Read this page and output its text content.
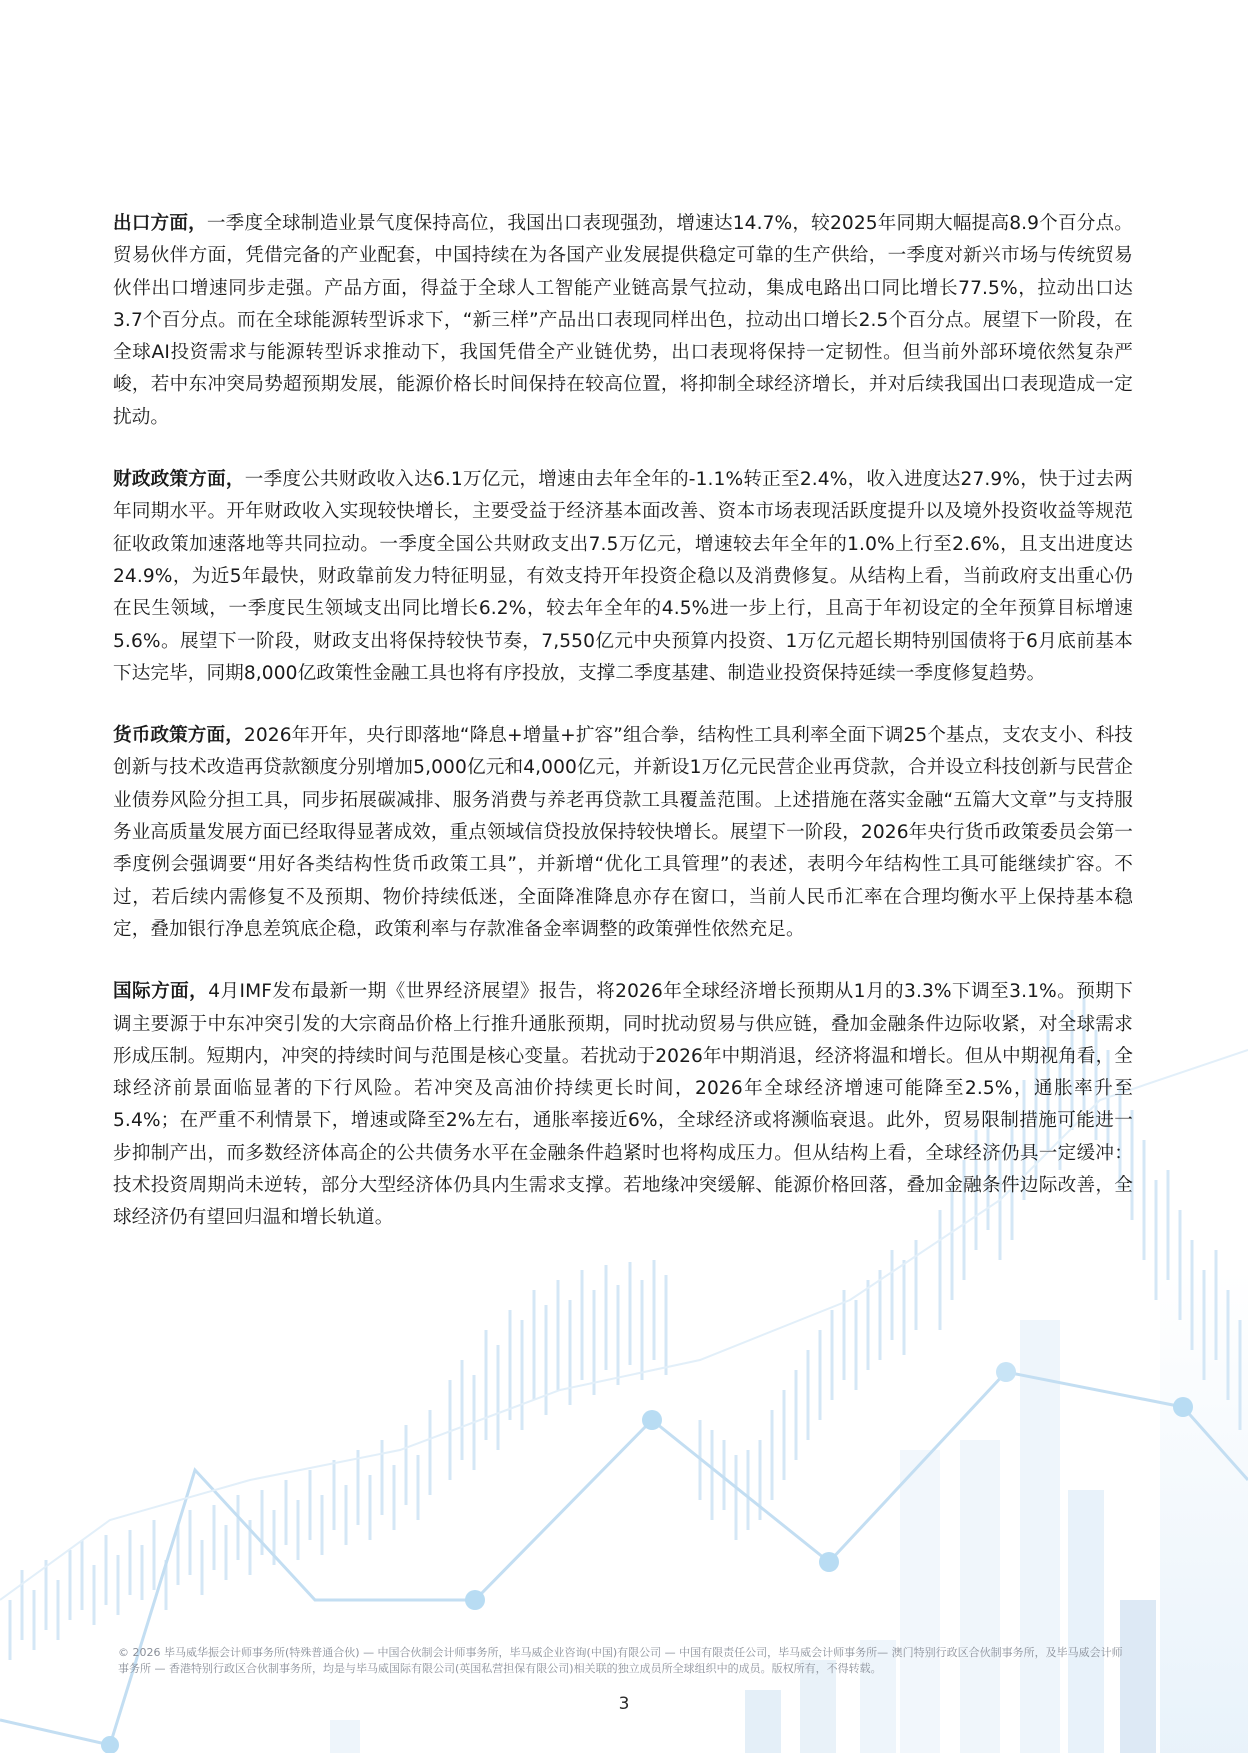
出口方面，一季度全球制造业景气度保持高位，我国出口表现强劲，增速达14.7%，较2025年同期大幅提高8.9个百分点。贸易伙伴方面，凭借完备的产业配套，中国持续在为各国产业发展提供稳定可靠的生产供给，一季度对新兴市场与传统贸易伙伴出口增速同步走强。产品方面，得益于全球人工智能产业链高景气拉动，集成电路出口同比增长77.5%，拉动出口达3.7个百分点。而在全球能源转型诉求下，“新三样”产品出口表现同样出色，拉动出口增长2.5个百分点。展望下一阶段，在全球AI投资需求与能源转型诉求推动下，我国凭借全产业链优势，出口表现将保持一定韧性。但当前外部环境依然复杂严峻，若中东冲突局势超预期发展，能源价格长时间保持在较高位置，将抑制全球经济增长，并对后续我国出口表现造成一定扰动。

财政政策方面，一季度公共财政收入达6.1万亿元，增速由去年全年的-1.1%转正至2.4%，收入进度达27.9%，快于过去两年同期水平。开年财政收入实现较快增长，主要受益于经济基本面改善、资本市场表现活跃度提升以及境外投资收益等规范征收政策加速落地等共同拉动。一季度全国公共财政支出7.5万亿元，增速较去年全年的1.0%上行至2.6%，且支出进度达24.9%，为近5年最快，财政靠前发力特征明显，有效支持开年投资企稳以及消费修复。从结构上看，当前政府支出重心仍在民生领域，一季度民生领域支出同比增长6.2%，较去年全年的4.5%进一步上行，且高于年初设定的全年预算目标增速5.6%。展望下一阶段，财政支出将保持较快节奏，7,550亿元中央预算内投资、1万亿元超长期特别国债将于6月底前基本下达完毕，同期8,000亿政策性金融工具也将有序投放，支撑二季度基建、制造业投资保持延续一季度修复趋势。

货币政策方面，2026年开年，央行即落地“降息+增量+扩容”组合拳，结构性工具利率全面下调25个基点，支农支小、科技创新与技术改造再贷款额度分别增加5,000亿元和4,000亿元，并新设1万亿元民营企业再贷款，合并设立科技创新与民营企业债券风险分担工具，同步拓展碳减排、服务消费与养老再贷款工具覆盖范围。上述措施在落实金融“五篇大文章”与支持服务业高质量发展方面已经取得显著成效，重点领域信贷投放保持较快增长。展望下一阶段，2026年央行货币政策委员会第一季度例会强调要“用好各类结构性货币政策工具”，并新增“优化工具管理”的表述，表明今年结构性工具可能继续扩容。不过，若后续内需修复不及预期、物价持续低迷，全面降准降息亦存在窗口，当前人民币汇率在合理均衡水平上保持基本稳定，叠加银行净息差筑底企稳，政策利率与存款准备金率调整的政策弹性依然充足。

国际方面，4月IMF发布最新一期《世界经济展望》报告，将2026年全球经济增长预期从1月的3.3%下调至3.1%。预期下调主要源于中东冲突引发的大宗商品价格上行推升通胀预期，同时扰动贸易与供应链，叠加金融条件边际收紧，对全球需求形成压制。短期内，冲突的持续时间与范围是核心变量。若扰动于2026年中期消退，经济将温和增长。但从中期视角看，全球经济前景面临显著的下行风险。若冲突及高油价持续更长时间，2026年全球经济增速可能降至2.5%，通胀率升至5.4%；在严重不利情景下，增速或降至2%左右，通胀率接近6%，全球经济或将濒临衰退。此外，贸易限制措施可能进一步抑制产出，而多数经济体高企的公共债务水平在金融条件趋紧时也将构成压力。但从结构上看，全球经济仍具一定缓冲：技术投资周期尚未逆转，部分大型经济体仍具内生需求支撑。若地缘冲突缓解、能源价格回落，叠加金融条件边际改善，全球经济仍有望回归温和增长轨道。

© 2026 毕马威华振会计师事务所(特殊普通合伙) — 中国合伙制会计师事务所，毕马威企业咨询(中国)有限公司 — 中国有限责任公司，毕马威会计师事务所— 澳门特别行政区合伙制事务所，及毕马威会计师事务所 — 香港特别行政区合伙制事务所，均是与毕马威国际有限公司(英国私营担保有限公司)相关联的独立成员所全球组织中的成员。版权所有，不得转载。
3
